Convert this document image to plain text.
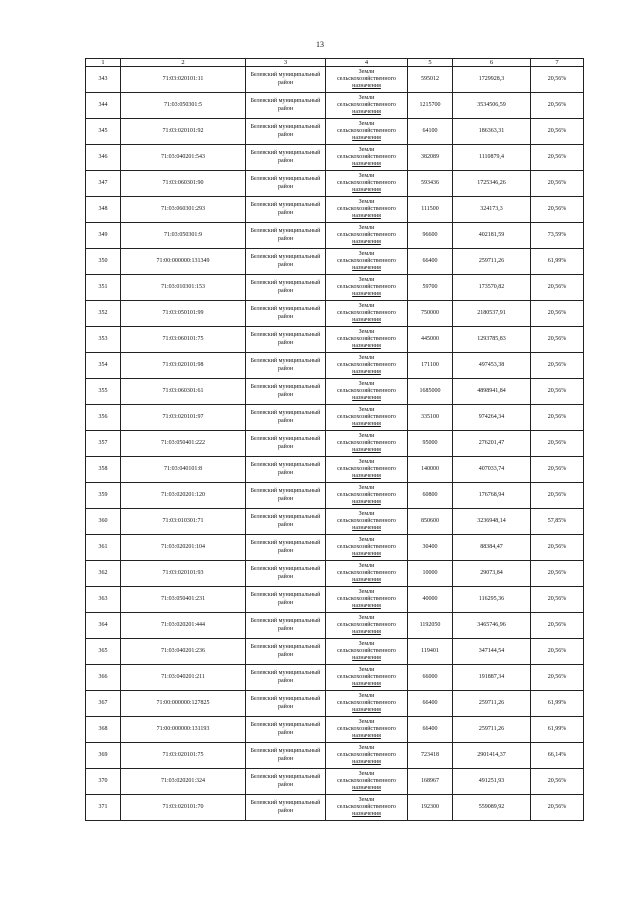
13
1	2	3	4	5	6	7
343	71:03:020101:11	Белевский муниципальный район	Земли
сельскохозяйственного
назначения	595012	1729928,3	20,56%
344	71:03:050301:5	Белевский муниципальный район	Земли
сельскохозяйственного
назначения	1215700	3534506,59	20,56%
345	71:03:020101:92	Белевский муниципальный район	Земли
сельскохозяйственного
назначения	64100	186363,31	20,56%
346	71:03:040201:543	Белевский муниципальный район	Земли
сельскохозяйственного
назначения	382089	1110879,4	20,56%
347	71:03:060301:90	Белевский муниципальный район	Земли
сельскохозяйственного
назначения	593436	1725346,26	20,56%
348	71:03:060301:293	Белевский муниципальный район	Земли
сельскохозяйственного
назначения	111500	324173,3	20,56%
349	71:03:050301:9	Белевский муниципальный район	Земли
сельскохозяйственного
назначения	96600	402181,59	73,59%
350	71:00:000000:131349	Белевский муниципальный район	Земли
сельскохозяйственного
назначения	66400	259711,26	61,99%
351	71:03:010301:153	Белевский муниципальный район	Земли
сельскохозяйственного
назначения	59700	173570,82	20,56%
352	71:03:050101:99	Белевский муниципальный район	Земли
сельскохозяйственного
назначения	750000	2180537,91	20,56%
353	71:03:060101:75	Белевский муниципальный район	Земли
сельскохозяйственного
назначения	445000	1293785,83	20,56%
354	71:03:020101:98	Белевский муниципальный район	Земли
сельскохозяйственного
назначения	171100	497453,38	20,56%
355	71:03:060301:61	Белевский муниципальный район	Земли
сельскохозяйственного
назначения	1685000	4898941,84	20,56%
356	71:03:020101:97	Белевский муниципальный район	Земли
сельскохозяйственного
назначения	335100	974264,34	20,56%
357	71:03:050401:222	Белевский муниципальный район	Земли
сельскохозяйственного
назначения	95000	276201,47	20,56%
358	71:03:040101:8	Белевский муниципальный район	Земли
сельскохозяйственного
назначения	140000	407033,74	20,56%
359	71:03:020201:120	Белевский муниципальный район	Земли
сельскохозяйственного
назначения	60800	176768,94	20,56%
360	71:03:010301:71	Белевский муниципальный район	Земли
сельскохозяйственного
назначения	850600	3236948,14	57,85%
361	71:03:020201:104	Белевский муниципальный район	Земли
сельскохозяйственного
назначения	30400	88384,47	20,56%
362	71:03:020101:93	Белевский муниципальный район	Земли
сельскохозяйственного
назначения	10000	29073,84	20,56%
363	71:03:050401:231	Белевский муниципальный район	Земли
сельскохозяйственного
назначения	40000	116295,36	20,56%
364	71:03:020201:444	Белевский муниципальный район	Земли
сельскохозяйственного
назначения	1192050	3465746,96	20,56%
365	71:03:040201:236	Белевский муниципальный район	Земли
сельскохозяйственного
назначения	119401	347144,54	20,56%
366	71:03:040201:211	Белевский муниципальный район	Земли
сельскохозяйственного
назначения	66000	191887,34	20,56%
367	71:00:000000:127825	Белевский муниципальный район	Земли
сельскохозяйственного
назначения	66400	259711,26	61,99%
368	71:00:000000:131193	Белевский муниципальный район	Земли
сельскохозяйственного
назначения	66400	259711,26	61,99%
369	71:03:020101:75	Белевский муниципальный район	Земли
сельскохозяйственного
назначения	723418	2901414,37	66,14%
370	71:03:020201:324	Белевский муниципальный район	Земли
сельскохозяйственного
назначения	168967	491251,93	20,56%
371	71:03:020101:70	Белевский муниципальный район	Земли
сельскохозяйственного
назначения	192300	559089,92	20,56%
